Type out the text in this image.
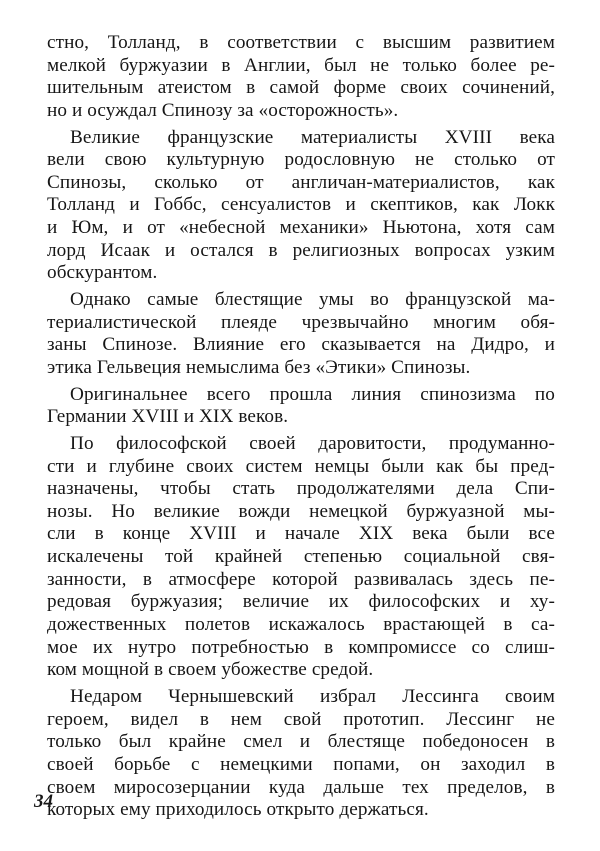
стно, Толланд, в соответствии с высшим развитием
мелкой буржуазии в Англии, был не только более ре-
шительным атеистом в самой форме своих сочинений,
но и осуждал Спинозу за «осторожность».
Великие французские материалисты XVIII века
вели свою культурную родословную не столько от
Спинозы, сколько от англичан-материалистов, как
Толланд и Гоббс, сенсуалистов и скептиков, как Локк
и Юм, и от «небесной механики» Ньютона, хотя сам
лорд Исаак и остался в религиозных вопросах узким
обскурантом.
Однако самые блестящие умы во французской ма-
териалистической плеяде чрезвычайно многим обя-
заны Спинозе. Влияние его сказывается на Дидро, и
этика Гельвеция немыслима без «Этики» Спинозы.
Оригинальнее всего прошла линия спинозизма по
Германии XVIII и XIX веков.
По философской своей даровитости, продуманно-
сти и глубине своих систем немцы были как бы пред-
назначены, чтобы стать продолжателями дела Спи-
нозы. Но великие вожди немецкой буржуазной мы-
сли в конце XVIII и начале XIX века были все
искалечены той крайней степенью социальной свя-
занности, в атмосфере которой развивалась здесь пе-
редовая буржуазия; величие их философских и ху-
дожественных полетов искажалось врастающей в са-
мое их нутро потребностью в компромиссе со слиш-
ком мощной в своем убожестве средой.
Недаром Чернышевский избрал Лессинга своим
героем, видел в нем свой прототип. Лессинг не
только был крайне смел и блестяще победоносен в
своей борьбе с немецкими попами, он заходил в
своем миросозерцании куда дальше тех пределов, в
которых ему приходилось открыто держаться.
34
